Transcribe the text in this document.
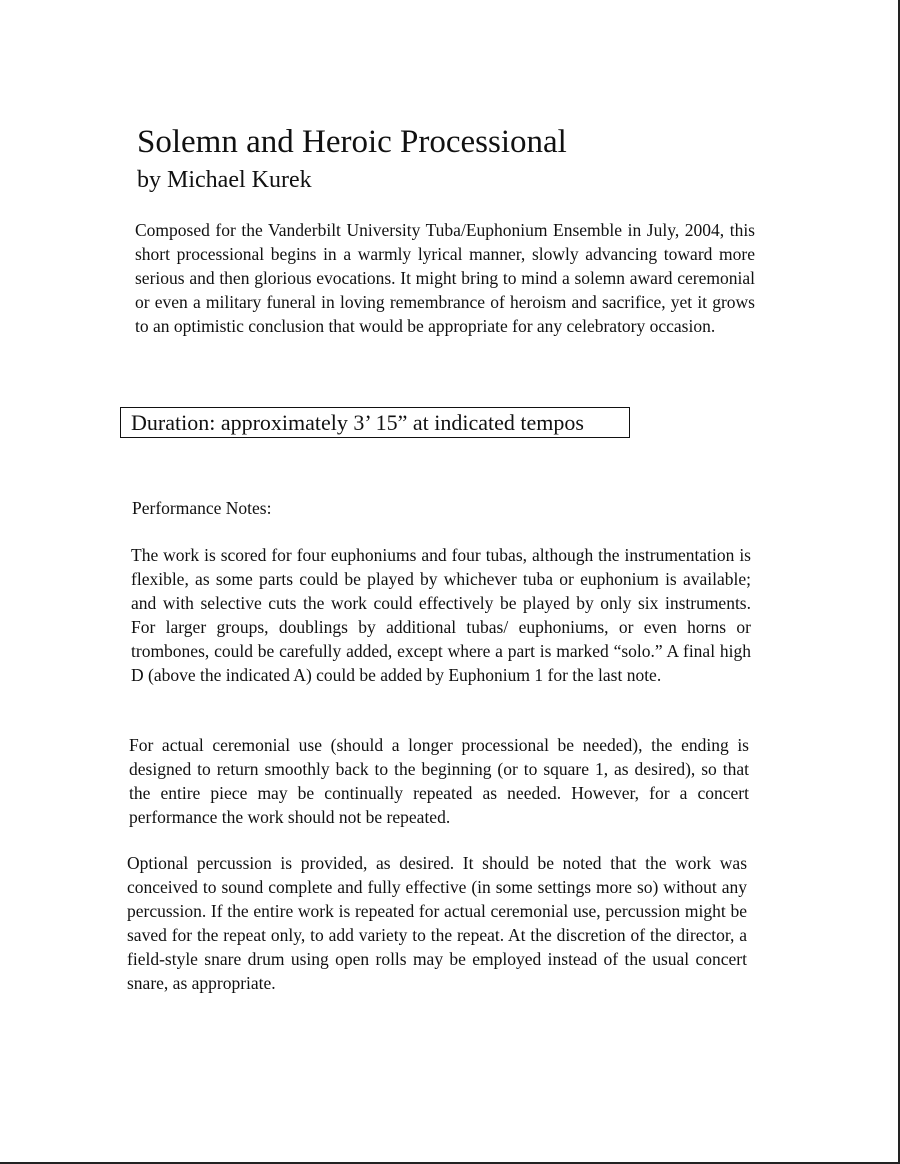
Solemn and Heroic Processional
by Michael Kurek

Composed for the Vanderbilt University Tuba/Euphonium Ensemble in July, 2004, this short processional begins in a warmly lyrical manner, slowly advancing toward more serious and then glorious evocations. It might bring to mind a solemn award ceremonial or even a military funeral in loving remembrance of heroism and sacrifice, yet it grows to an optimistic conclusion that would be appropriate for any celebratory occasion.

Duration: approximately 3’ 15” at indicated tempos
Performance Notes:

The work is scored for four euphoniums and four tubas, although the instrumentation is flexible, as some parts could be played by whichever tuba or euphonium is available; and with selective cuts the work could effectively be played by only six instruments. For larger groups, doublings by additional tubas/ euphoniums, or even horns or trombones, could be carefully added, except where a part is marked “solo.” A final high D (above the indicated A) could be added by Euphonium 1 for the last note.

For actual ceremonial use (should a longer processional be needed), the ending is designed to return smoothly back to the beginning (or to square 1, as desired), so that the entire piece may be continually repeated as needed. However, for a concert performance the work should not be repeated.

Optional percussion is provided, as desired. It should be noted that the work was conceived to sound complete and fully effective (in some settings more so) without any percussion. If the entire work is repeated for actual ceremonial use, percussion might be saved for the repeat only, to add variety to the repeat. At the discretion of the director, a field-style snare drum using open rolls may be employed instead of the usual concert snare, as appropriate.
